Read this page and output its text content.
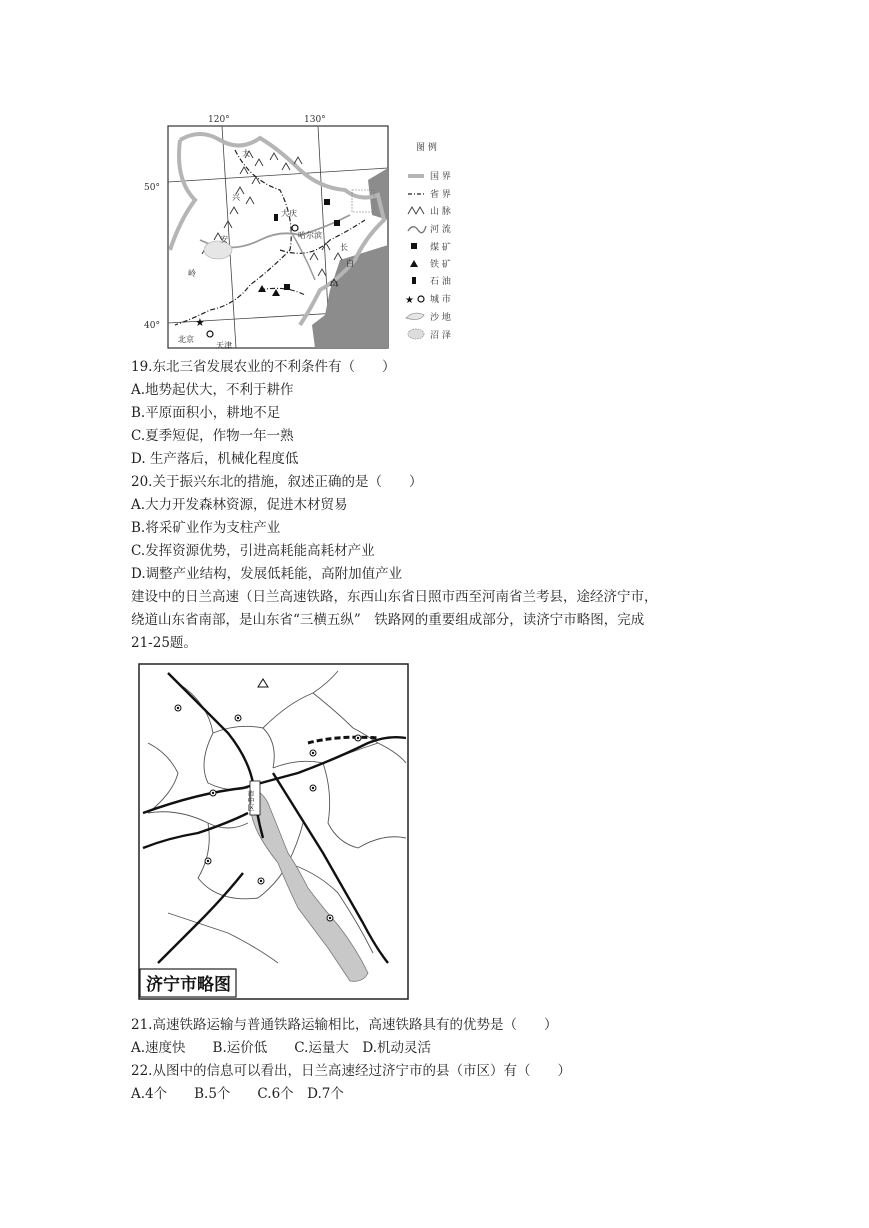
120°	130°
50°
40°	★
大庆
哈尔滨
北京
天津
大
兴
安
岭
长
白
山
图 例
国 界
省 界
山 脉
河 流
煤 矿
铁 矿
石 油
★ 城 市
沙 地
沼 泽
19.东北三省发展农业的不利条件有（　　）
A.地势起伏大，不利于耕作
B.平原面积小，耕地不足
C.夏季短促，作物一年一熟
D. 生产落后，机械化程度低
20.关于振兴东北的措施，叙述正确的是（　　）
A.大力开发森林资源，促进木材贸易
B.将采矿业作为支柱产业
C.发挥资源优势，引进高耗能高耗材产业
D.调整产业结构，发展低耗能，高附加值产业
建设中的日兰高速（日兰高速铁路，东西山东省日照市西至河南省兰考县，途经济宁市，
绕道山东省南部，是山东省“三横五纵”　铁路网的重要组成部分，读济宁市略图，完成
21-25题。
市中区
济宁市略图
21.高速铁路运输与普通铁路运输相比，高速铁路具有的优势是（　　）
A.速度快　　B.运价低　　C.运量大　D.机动灵活
22.从图中的信息可以看出，日兰高速经过济宁市的县（市区）有（　　）
A.4个　　B.5个　　C.6个　D.7个
